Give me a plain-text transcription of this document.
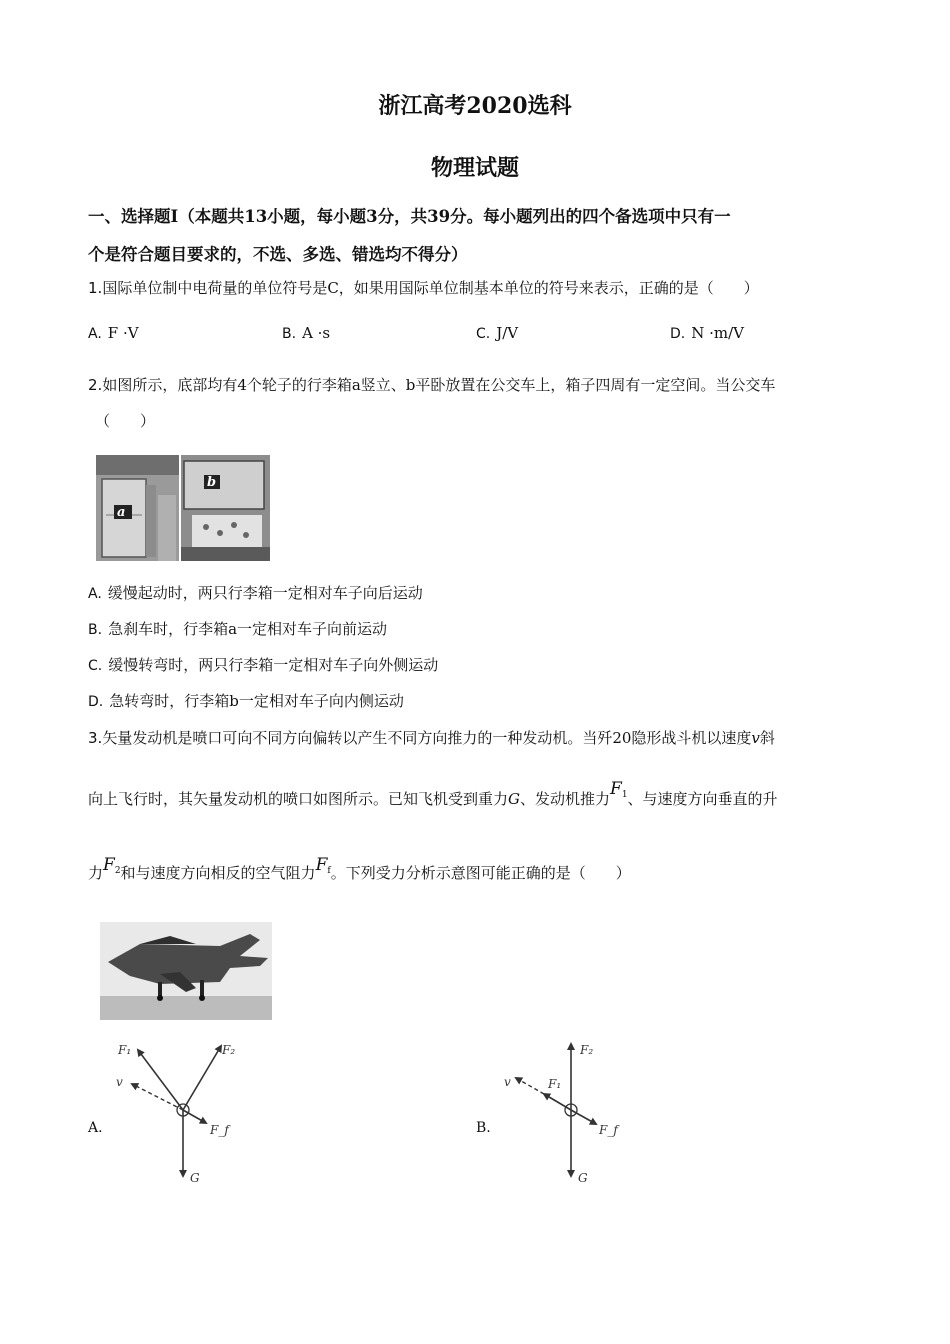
浙江高考2020选科
物理试题
一、选择题Ⅰ（本题共13小题，每小题3分，共39分。每小题列出的四个备选项中只有一
个是符合题目要求的，不选、多选、错选均不得分）
1.国际单位制中电荷量的单位符号是C，如果用国际单位制基本单位的符号来表示，正确的是（　　）
A. F ·V	B. A ·s	C. J/V	D. N ·m/V
2.如图所示，底部均有4个轮子的行李箱a竖立、b平卧放置在公交车上，箱子四周有一定空间。当公交车
（　　）
a
b
A. 缓慢起动时，两只行李箱一定相对车子向后运动
B. 急刹车时，行李箱a一定相对车子向前运动
C. 缓慢转弯时，两只行李箱一定相对车子向外侧运动
D. 急转弯时，行李箱b一定相对车子向内侧运动
3.矢量发动机是喷口可向不同方向偏转以产生不同方向推力的一种发动机。当歼20隐形战斗机以速度v斜
向上飞行时，其矢量发动机的喷口如图所示。已知飞机受到重力G、发动机推力$F_1$、与速度方向垂直的升
力$F_2$和与速度方向相反的空气阻力$F_f$。下列受力分析示意图可能正确的是（　　）
A.
F₁	F₂
v
F_f
G
B.
F₂
F₁
v
F_f
G
